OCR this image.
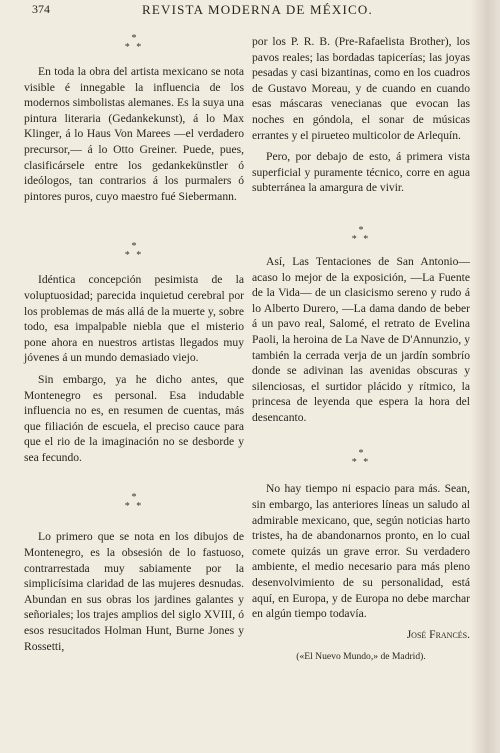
374	REVISTA MODERNA DE MÉXICO.
*
* *

En toda la obra del artista mexicano se nota visible é innegable la influencia de los modernos simbolistas alemanes. Es la suya una pintura literaria (Gedankekunst), á lo Max Klinger, á lo Haus Von Marees —el verdadero precursor,— á lo Otto Greiner. Puede, pues, clasificársele entre los gedankekünstler ó ideólogos, tan contrarios á los purmalers ó pintores puros, cuyo maestro fué Siebermann.

*
* *

Idéntica concepción pesimista de la voluptuosidad; parecida inquietud cerebral por los problemas de más allá de la muerte y, sobre todo, esa impalpable niebla que el misterio pone ahora en nuestros artistas llegados muy jóvenes á un mundo demasiado viejo.

Sin embargo, ya he dicho antes, que Montenegro es personal. Esa indudable influencia no es, en resumen de cuentas, más que filiación de escuela, el preciso cauce para que el rio de la imaginación no se desborde y sea fecundo.

*
* *

Lo primero que se nota en los dibujos de Montenegro, es la obsesión de lo fastuoso, contrarrestada muy sabiamente por la simplicísima claridad de las mujeres desnudas. Abundan en sus obras los jardines galantes y señoriales; los trajes amplios del siglo XVIII, ó esos resucitados Holman Hunt, Burne Jones y Rossetti,

por los P. R. B. (Pre-Rafaelista Brother), los pavos reales; las bordadas tapicerías; las joyas pesadas y casi bizantinas, como en los cuadros de Gustavo Moreau, y de cuando en cuando esas máscaras venecianas que evocan las noches en góndola, el sonar de músicas errantes y el pirueteo multicolor de Arlequín.

Pero, por debajo de esto, á primera vista superficial y puramente técnico, corre en agua subterránea la amargura de vivir.

*
* *

Así, Las Tentaciones de San Antonio—acaso lo mejor de la exposición, —La Fuente de la Vida— de un clasicismo sereno y rudo á lo Alberto Durero, —La dama dando de beber á un pavo real, Salomé, el retrato de Evelina Paoli, la heroina de La Nave de D'Annunzio, y también la cerrada verja de un jardín sombrío donde se adivinan las avenidas obscuras y silenciosas, el surtidor plácido y rítmico, la princesa de leyenda que espera la hora del desencanto.

*
* *

No hay tiempo ni espacio para más. Sean, sin embargo, las anteriores líneas un saludo al admirable mexicano, que, según noticias harto tristes, ha de abandonarnos pronto, en lo cual comete quizás un grave error. Su verdadero ambiente, el medio necesario para más pleno desenvolvimiento de su personalidad, está aquí, en Europa, y de Europa no debe marchar en algún tiempo todavía.

José Francés.
(«El Nuevo Mundo,» de Madrid).
